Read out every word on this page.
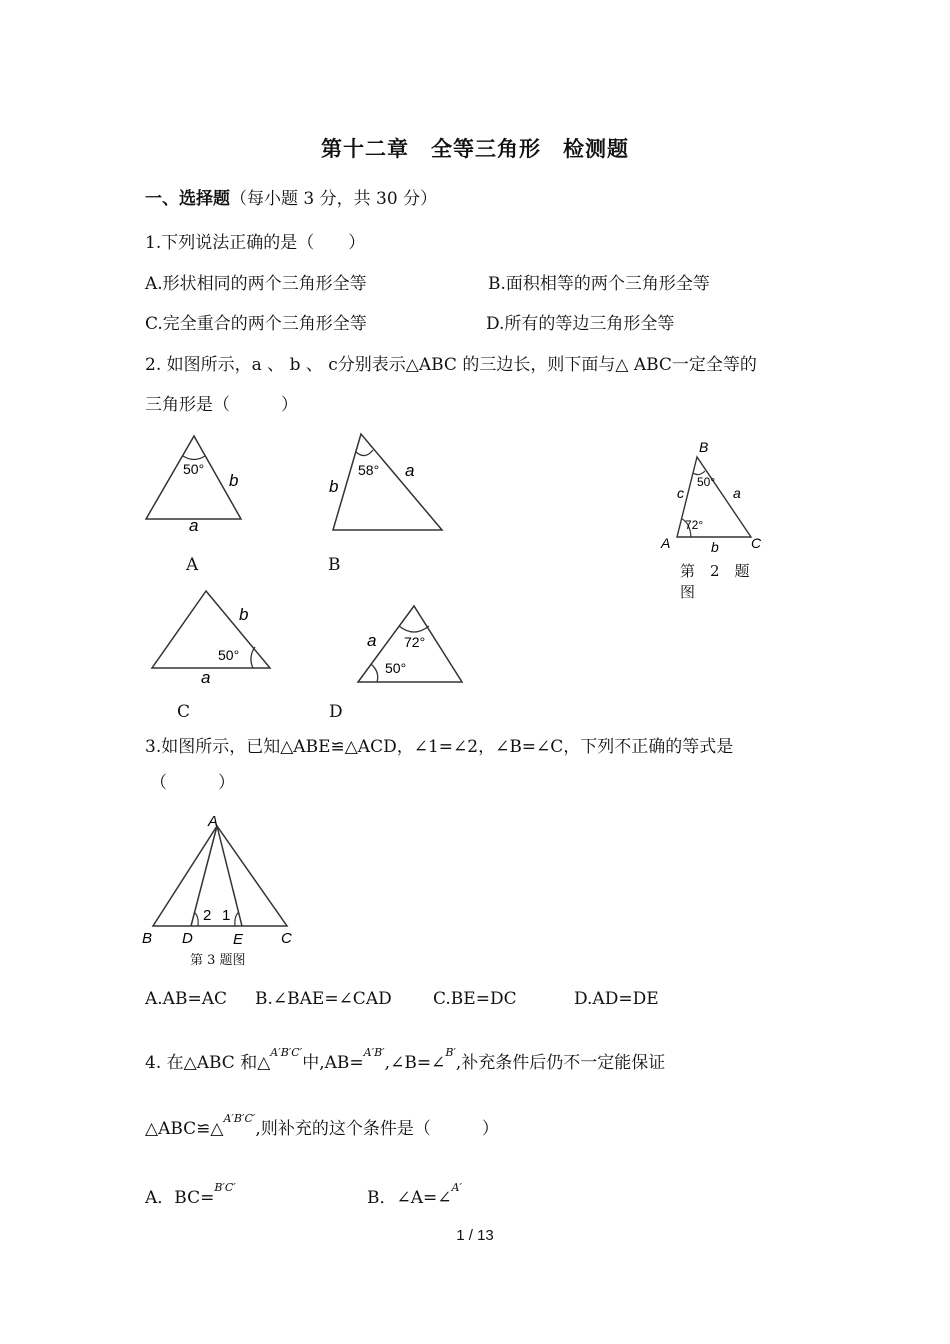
第十二章　全等三角形　检测题
一、选择题（每小题 3 分，共 30 分）
1.下列说法正确的是（　　）
A.形状相同的两个三角形全等	B.面积相等的两个三角形全等
C.完全重合的两个三角形全等	D.所有的等边三角形全等
2. 如图所示，a 、 b 、 c分别表示△ABC 的三边长，则下面与△ ABC一定全等的
三角形是（　　　）
50°
b
a
A
58°
b
a
B
b
50°
a
C
72°
a
50°
D
B
A	C
50°
72°
a
b
c
第　2　题
图
3.如图所示，已知△ABE≌△ACD，∠1=∠2，∠B=∠C，下列不正确的等式是
（　　　）
A
B D	E	C
2 1
第 3 题图
A.AB=AC B.∠BAE=∠CAD C.BE=DC	D.AD=DE
4. 在△ABC 和△$^{A'B'C'}$中,AB=$^{A'B'}$,∠B=∠$^{B'}$,补充条件后仍不一定能保证
△ABC≌△$^{A'B'C'}$,则补充的这个条件是（　　　）
A．BC=$^{B'C'}$
B．∠A=∠$^{A'}$
1 / 13
